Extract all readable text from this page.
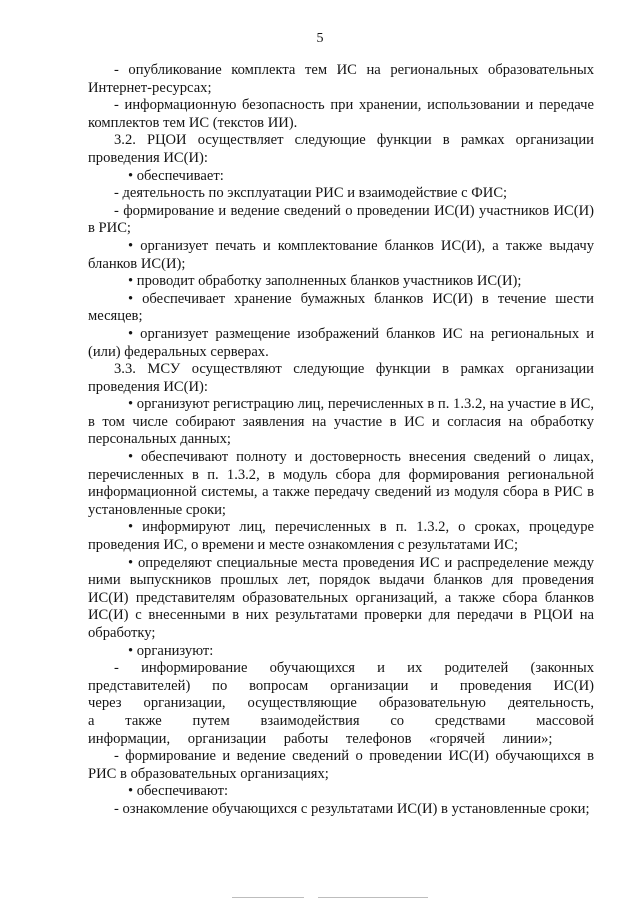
5

- опубликование комплекта тем ИС на региональных образовательных Интернет-ресурсах;

- информационную безопасность при хранении, использовании и передаче комплектов тем ИС (текстов ИИ).

3.2. РЦОИ осуществляет следующие функции в рамках организации проведения ИС(И):

• обеспечивает:

- деятельность по эксплуатации РИС и взаимодействие с ФИС;

- формирование и ведение сведений о проведении ИС(И) участников ИС(И) в РИС;

• организует печать и комплектование бланков ИС(И), а также выдачу бланков ИС(И);

• проводит обработку заполненных бланков участников ИС(И);

• обеспечивает хранение бумажных бланков ИС(И) в течение шести месяцев;

• организует размещение изображений бланков ИС на региональных и (или) федеральных серверах.

3.3. МСУ осуществляют следующие функции в рамках организации проведения ИС(И):

• организуют регистрацию лиц, перечисленных в п. 1.3.2, на участие в ИС, в том числе собирают заявления на участие в ИС и согласия на обработку персональных данных;

• обеспечивают полноту и достоверность внесения сведений о лицах, перечисленных в п. 1.3.2, в модуль сбора для формирования региональной информационной системы, а также передачу сведений из модуля сбора в РИС в установленные сроки;

• информируют лиц, перечисленных в п. 1.3.2, о сроках, процедуре проведения ИС, о времени и месте ознакомления с результатами ИС;

• определяют специальные места проведения ИС и распределение между ними выпускников прошлых лет, порядок выдачи бланков для проведения ИС(И) представителям образовательных организаций, а также сбора бланков ИС(И) с внесенными в них результатами проверки для передачи в РЦОИ на обработку;

• организуют:

- информирование обучающихся и их родителей (законных представителей) по вопросам организации и проведения ИС(И) через организации, осуществляющие образовательную деятельность, а также путем взаимодействия со средствами массовой информации, организации работы телефонов «горячей линии»;

- формирование и ведение сведений о проведении ИС(И) обучающихся в РИС в образовательных организациях;

• обеспечивают:

- ознакомление обучающихся с результатами ИС(И) в установленные сроки;
